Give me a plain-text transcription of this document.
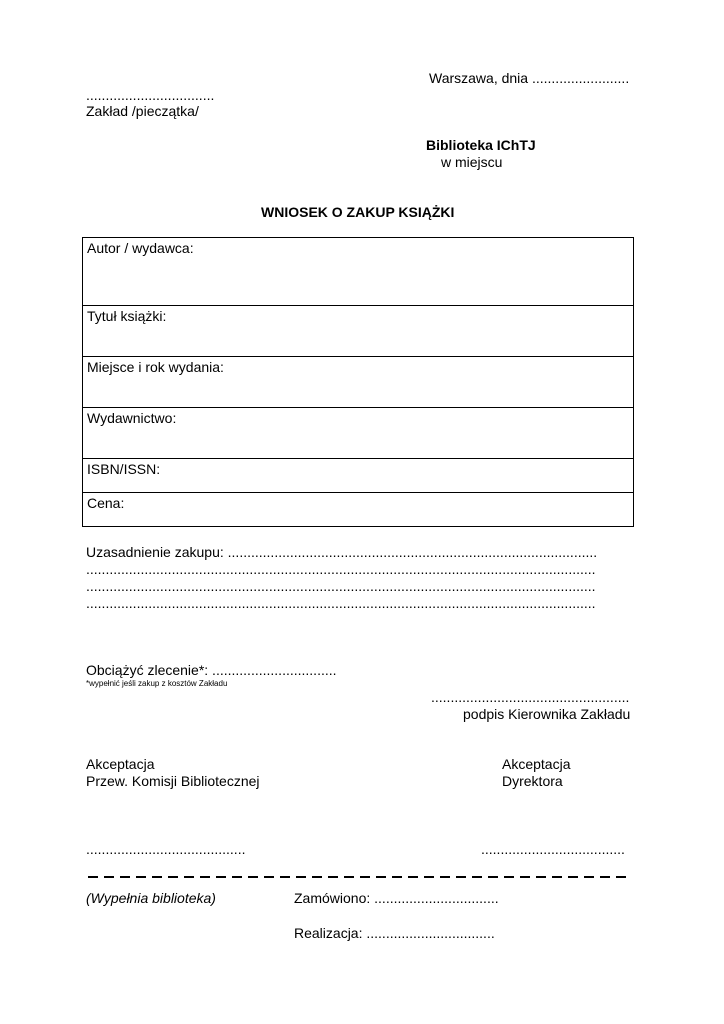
Warszawa, dnia .........................
.................................
Zakład /pieczątka/
Biblioteka IChTJ
w miejscu
WNIOSEK O ZAKUP KSIĄŻKI
Autor / wydawca:
Tytuł książki:
Miejsce i rok wydania:
Wydawnictwo:
ISBN/ISSN:
Cena:
Uzasadnienie zakupu: ...............................................................................................
...................................................................................................................................
...................................................................................................................................
...................................................................................................................................
Obciążyć zlecenie*: ................................
*wypełnić jeśli zakup z kosztów Zakładu
...................................................
podpis Kierownika Zakładu
Akceptacja
Przew. Komisji Bibliotecznej
Akceptacja
Dyrektora
.........................................	.....................................
(Wypełnia biblioteka)	Zamówiono: ................................
Realizacja: .................................
